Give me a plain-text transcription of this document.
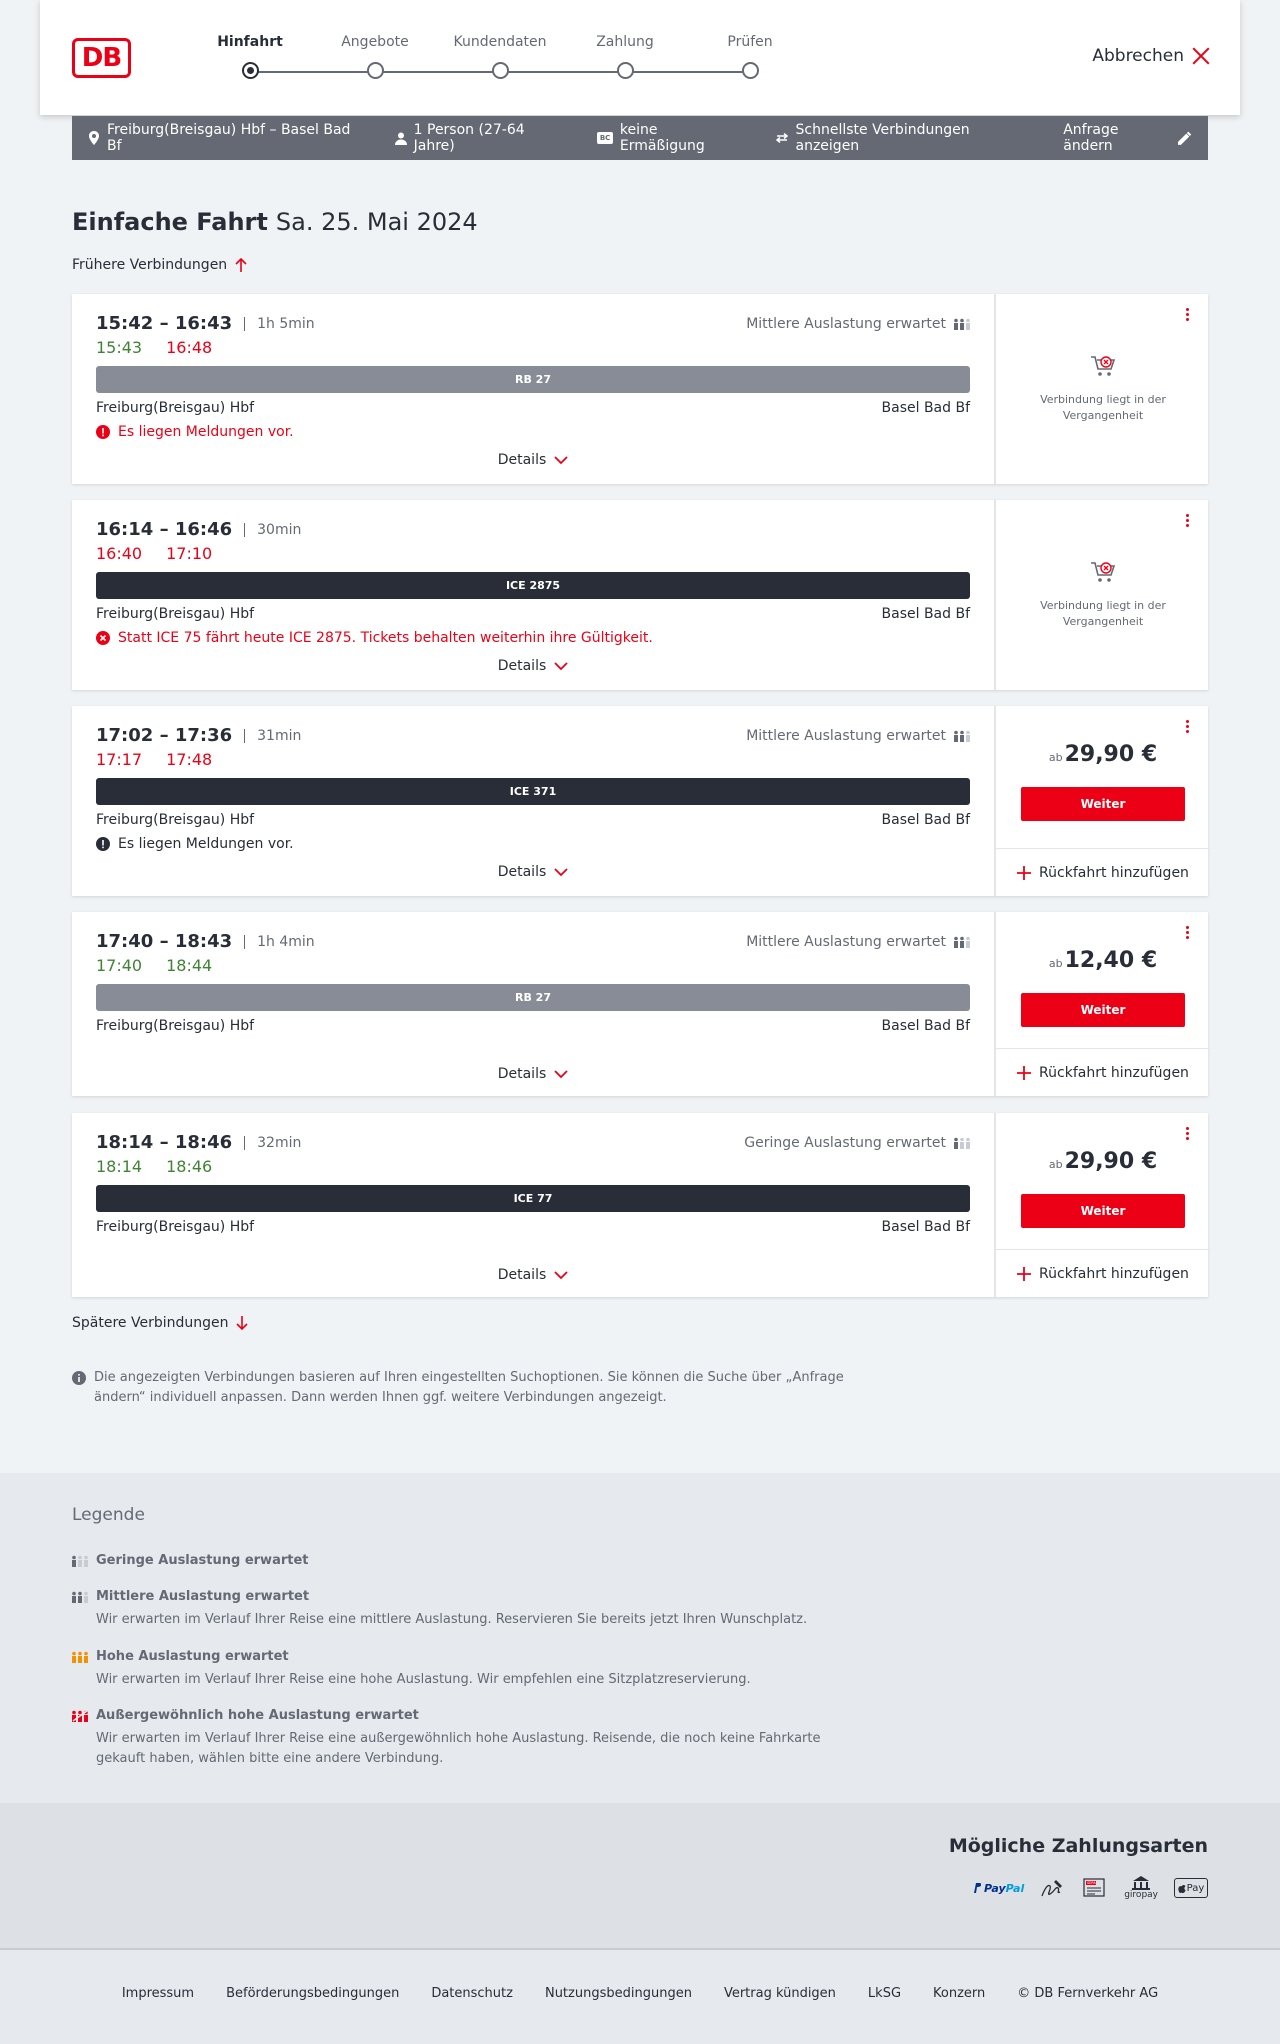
DB
Hinfahrt	Angebote	Kundendaten	Zahlung	Prüfen
Abbrechen
Freiburg(Breisgau) Hbf – Basel Bad Bf
1 Person (27-64 Jahre)	BC keine Ermäßigung
Schnellste Verbindungen anzeigen
Anfrage ändern
Einfache Fahrt Sa. 25. Mai 2024
Frühere Verbindungen
15:42 – 16:43	1h 5min
15:43 16:48
Mittlere Auslastung erwartet
RB 27
Freiburg(Breisgau) Hbf	Basel Bad Bf
Es liegen Meldungen vor.
Details
Verbindung liegt in der
Vergangenheit
16:14 – 16:46	30min
16:40 17:10
ICE 2875
Freiburg(Breisgau) Hbf	Basel Bad Bf
Statt ICE 75 fährt heute ICE 2875. Tickets behalten weiterhin ihre Gültigkeit.
Details
Verbindung liegt in der
Vergangenheit
17:02 – 17:36	31min
17:17 17:48
Mittlere Auslastung erwartet
ICE 371
Freiburg(Breisgau) Hbf	Basel Bad Bf
Es liegen Meldungen vor.
Details
ab29,90 €
Weiter
Rückfahrt hinzufügen
17:40 – 18:43	1h 4min
17:40 18:44
Mittlere Auslastung erwartet
RB 27
Freiburg(Breisgau) Hbf	Basel Bad Bf
Details
ab12,40 €
Weiter
Rückfahrt hinzufügen
18:14 – 18:46	32min
18:14 18:46
Geringe Auslastung erwartet
ICE 77
Freiburg(Breisgau) Hbf	Basel Bad Bf
Details
ab29,90 €
Weiter
Rückfahrt hinzufügen
Spätere Verbindungen
Die angezeigten Verbindungen basieren auf Ihren eingestellten Suchoptionen. Sie können die Suche über „Anfrage
ändern“ individuell anpassen. Dann werden Ihnen ggf. weitere Verbindungen angezeigt.
Legende
Geringe Auslastung erwartet
Mittlere Auslastung erwartet
Wir erwarten im Verlauf Ihrer Reise eine mittlere Auslastung. Reservieren Sie bereits jetzt Ihren Wunschplatz.
Hohe Auslastung erwartet
Wir erwarten im Verlauf Ihrer Reise eine hohe Auslastung. Wir empfehlen eine Sitzplatzreservierung.
Außergewöhnlich hohe Auslastung erwartet
Wir erwarten im Verlauf Ihrer Reise eine außergewöhnlich hohe Auslastung. Reisende, die noch keine Fahrkarte
gekauft haben, wählen bitte eine andere Verbindung.
Mögliche Zahlungsarten
Pay Pal	SEPA
giropay
Pay
Impressum Beförderungsbedingungen Datenschutz Nutzungsbedingungen Vertrag kündigen LkSG Konzern © DB Fernverkehr AG
